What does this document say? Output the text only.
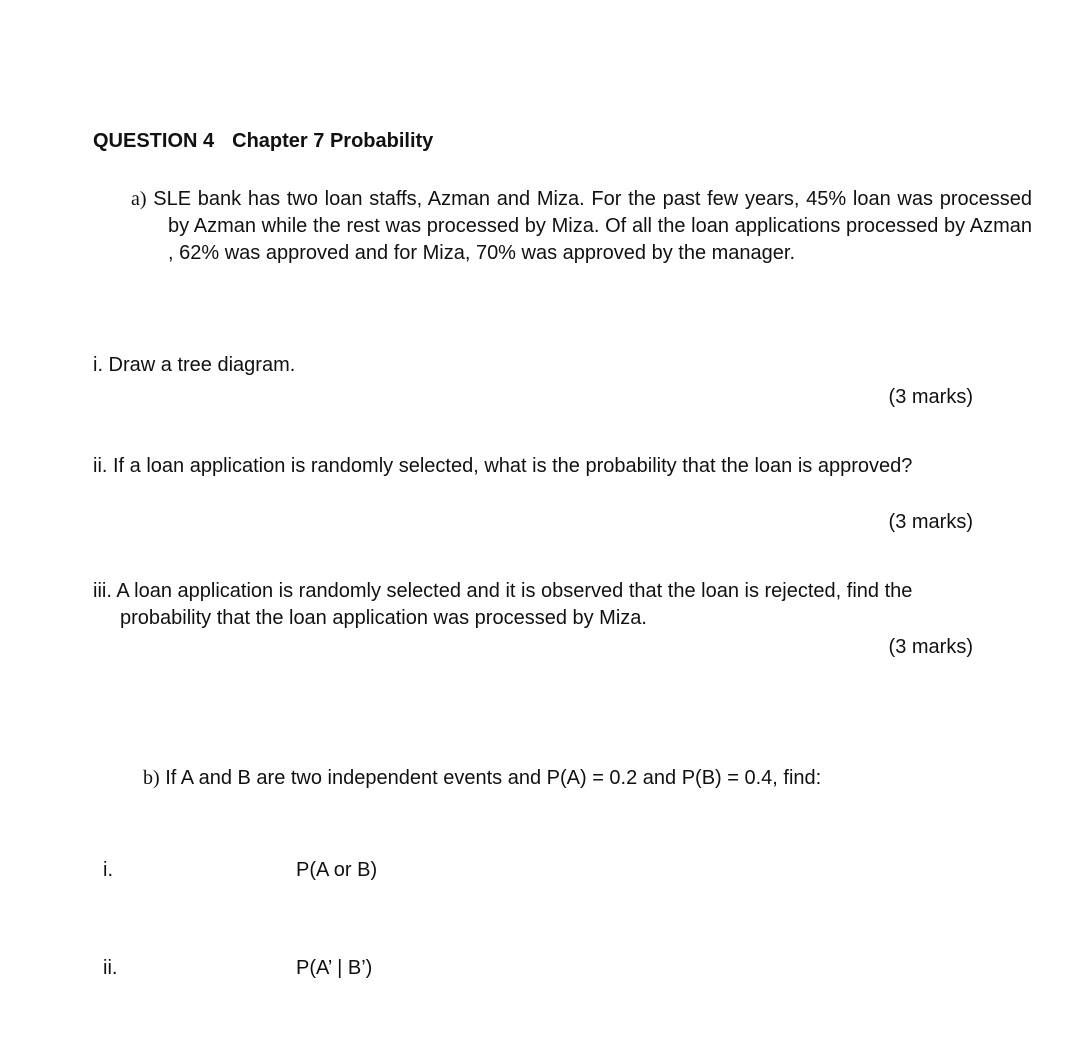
QUESTION 4 Chapter 7 Probability
a) SLE bank has two loan staffs, Azman and Miza. For the past few years, 45% loan was processed by Azman while the rest was processed by Miza. Of all the loan applications processed by Azman , 62% was approved and for Miza, 70% was approved by the manager.
i. Draw a tree diagram.
(3 marks)
ii. If a loan application is randomly selected, what is the probability that the loan is approved?
(3 marks)
iii. A loan application is randomly selected and it is observed that the loan is rejected, find the probability that the loan application was processed by Miza.
(3 marks)
b) If A and B are two independent events and P(A) = 0.2 and P(B) = 0.4, find:
i.	P(A or B)
ii.	P(A’ | B’)
